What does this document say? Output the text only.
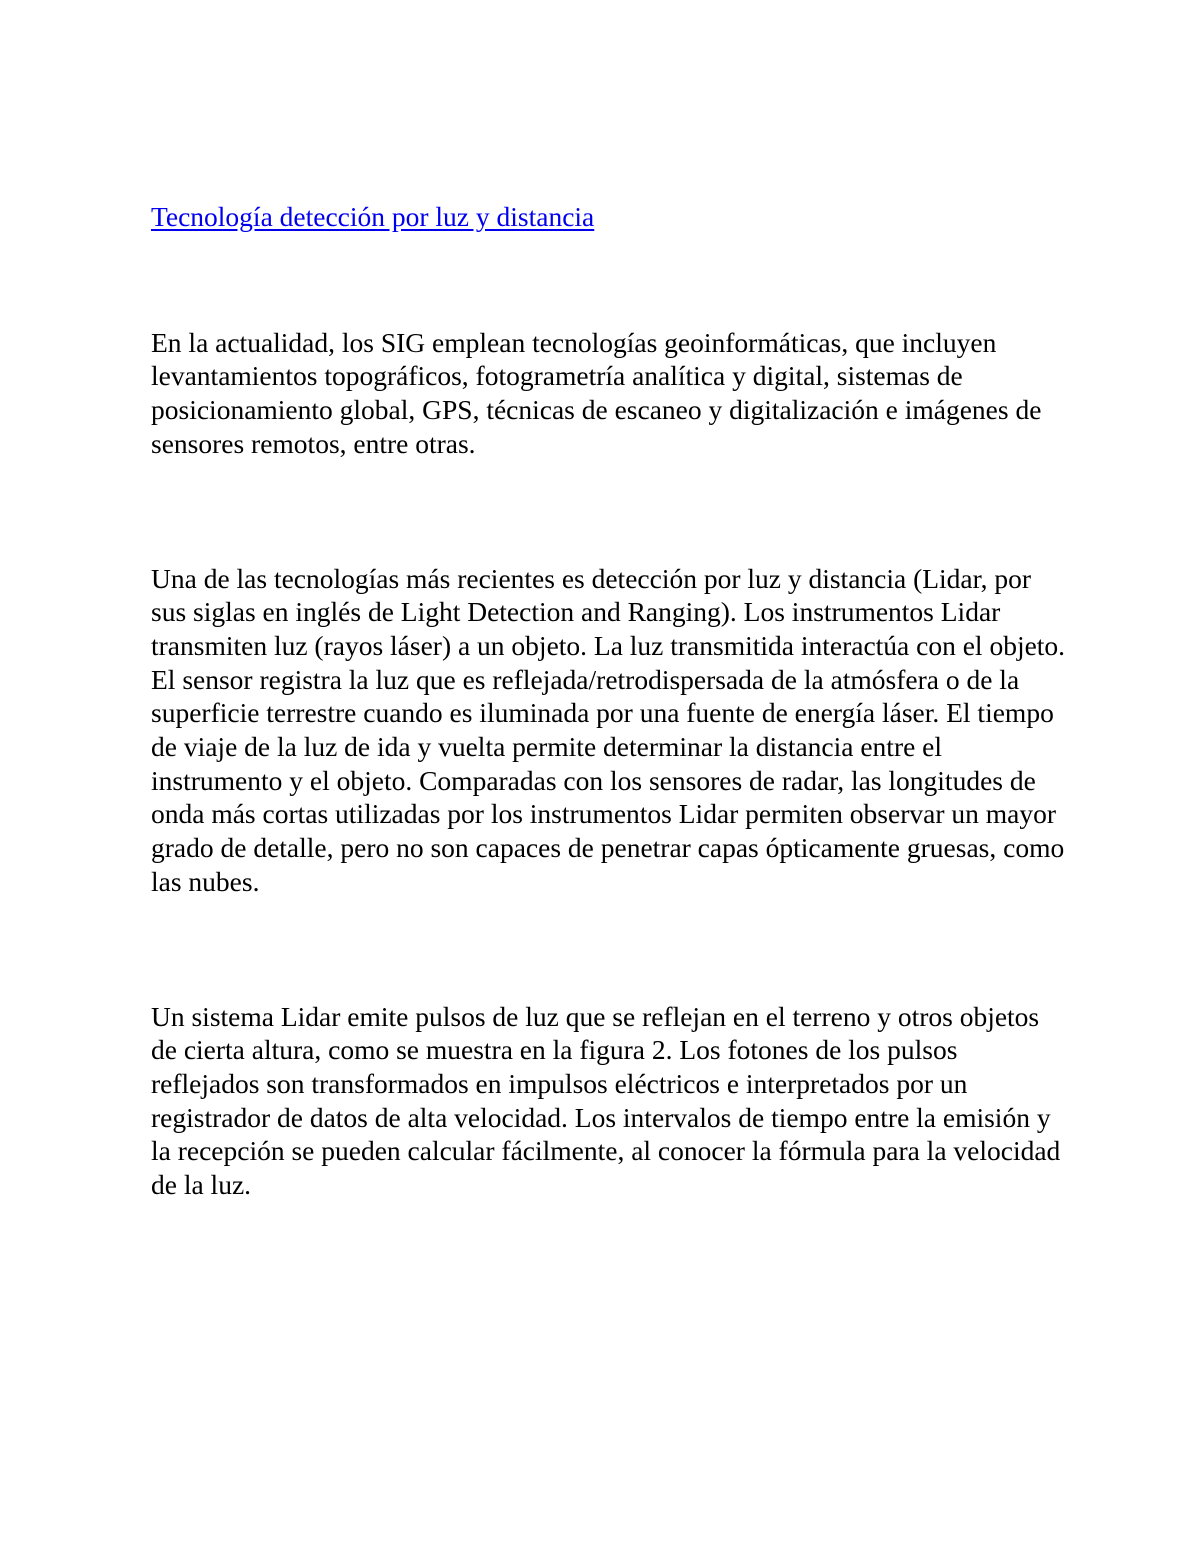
Tecnología detección por luz y distancia

En la actualidad, los SIG emplean tecnologías geoinformáticas, que incluyen levantamientos topográficos, fotogrametría analítica y digital, sistemas de posicionamiento global, GPS, técnicas de escaneo y digitalización e imágenes de sensores remotos, entre otras.

Una de las tecnologías más recientes es detección por luz y distancia (Lidar, por sus siglas en inglés de Light Detection and Ranging). Los instrumentos Lidar transmiten luz (rayos láser) a un objeto. La luz transmitida interactúa con el objeto. El sensor registra la luz que es reflejada/retrodispersada de la atmósfera o de la superficie terrestre cuando es iluminada por una fuente de energía láser. El tiempo de viaje de la luz de ida y vuelta permite determinar la distancia entre el instrumento y el objeto. Comparadas con los sensores de radar, las longitudes de onda más cortas utilizadas por los instrumentos Lidar permiten observar un mayor grado de detalle, pero no son capaces de penetrar capas ópticamente gruesas, como las nubes.

Un sistema Lidar emite pulsos de luz que se reflejan en el terreno y otros objetos de cierta altura, como se muestra en la figura 2. Los fotones de los pulsos reflejados son transformados en impulsos eléctricos e interpretados por un registrador de datos de alta velocidad. Los intervalos de tiempo entre la emisión y la recepción se pueden calcular fácilmente, al conocer la fórmula para la velocidad de la luz.
